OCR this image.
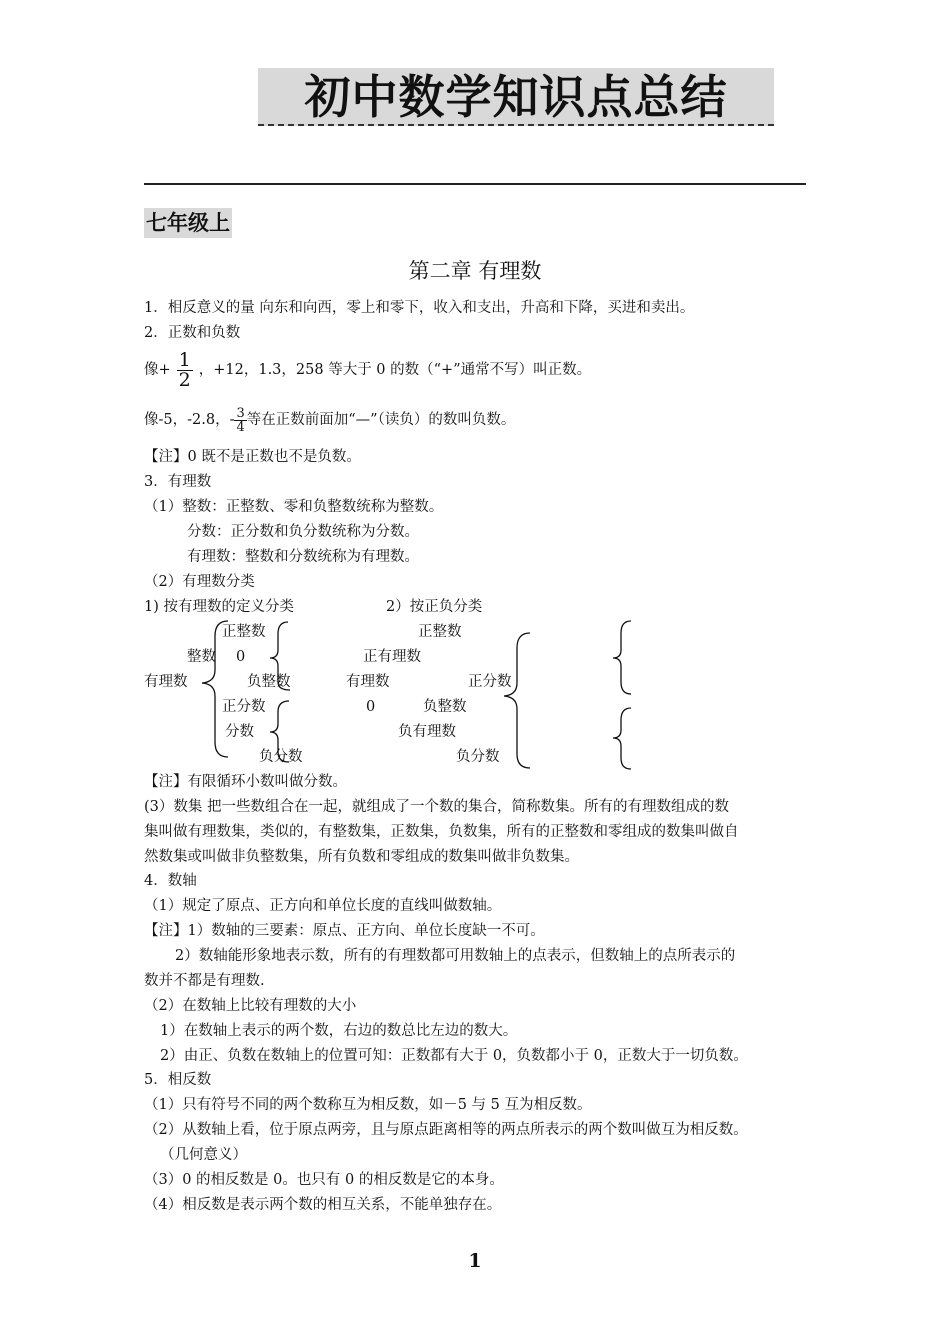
初中数学知识点总结
七年级上
第二章 有理数
1．相反意义的量 向东和向西，零上和零下，收入和支出，升高和下降，买进和卖出。
2．正数和负数
像+ $\frac{1}{2}$ ，+12，1.3，258 等大于 0 的数（“+”通常不写）叫正数。
像-5，-2.8，- $\frac{3}{4}$ 等在正数前面加“—”（读负）的数叫负数。
【注】0 既不是正数也不是负数。
3．有理数
（1）整数：正整数、零和负整数统称为整数。
分数：正分数和负分数统称为分数。
有理数：整数和分数统称为有理数。
（2）有理数分类
1) 按有理数的定义分类	2）按正负分类
正整数	正整数
整数 0	正有理数
有理数	负整数	有理数	正分数
正分数	0	负整数
分数	负有理数
负分数	负分数
【注】有限循环小数叫做分数。
(3）数集 把一些数组合在一起，就组成了一个数的集合，简称数集。所有的有理数组成的数
集叫做有理数集，类似的，有整数集，正数集，负数集，所有的正整数和零组成的数集叫做自
然数集或叫做非负整数集，所有负数和零组成的数集叫做非负数集。
4．数轴
（1）规定了原点、正方向和单位长度的直线叫做数轴。
【注】1）数轴的三要素：原点、正方向、单位长度缺一不可。
2）数轴能形象地表示数，所有的有理数都可用数轴上的点表示，但数轴上的点所表示的
数并不都是有理数.
（2）在数轴上比较有理数的大小
1）在数轴上表示的两个数，右边的数总比左边的数大。
2）由正、负数在数轴上的位置可知：正数都有大于 0，负数都小于 0，正数大于一切负数。
5．相反数
（1）只有符号不同的两个数称互为相反数，如－5 与 5 互为相反数。
（2）从数轴上看，位于原点两旁，且与原点距离相等的两点所表示的两个数叫做互为相反数。
（几何意义）
（3）0 的相反数是 0。也只有 0 的相反数是它的本身。
（4）相反数是表示两个数的相互关系，不能单独存在。
1
